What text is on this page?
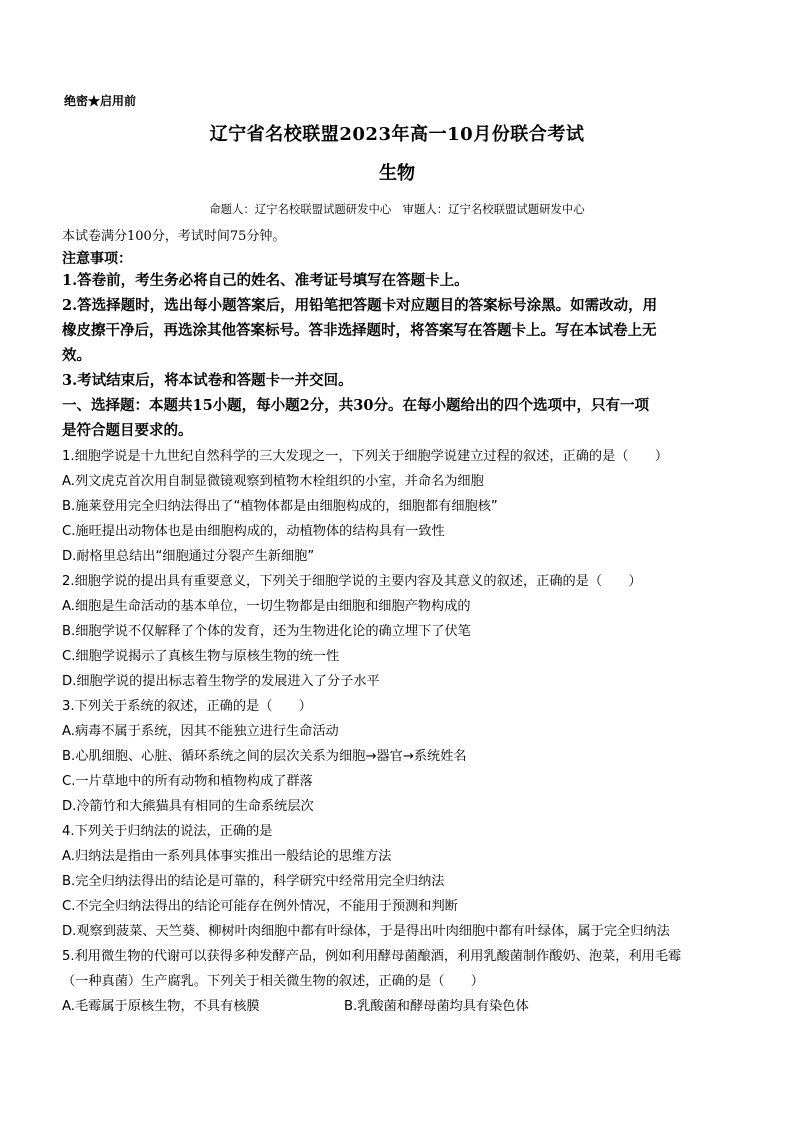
绝密★启用前
辽宁省名校联盟2023年高一10月份联合考试
生物
命题人：辽宁名校联盟试题研发中心　审题人：辽宁名校联盟试题研发中心
本试卷满分100分，考试时间75分钟。
注意事项：
1.答卷前，考生务必将自己的姓名、准考证号填写在答题卡上。
2.答选择题时，选出每小题答案后，用铅笔把答题卡对应题目的答案标号涂黑。如需改动，用
橡皮擦干净后，再选涂其他答案标号。答非选择题时，将答案写在答题卡上。写在本试卷上无
效。
3.考试结束后，将本试卷和答题卡一并交回。
一、选择题：本题共15小题，每小题2分，共30分。在每小题给出的四个选项中，只有一项
是符合题目要求的。
1.细胞学说是十九世纪自然科学的三大发现之一，下列关于细胞学说建立过程的叙述，正确的是（　　）
A.列文虎克首次用自制显微镜观察到植物木栓组织的小室，并命名为细胞
B.施莱登用完全归纳法得出了“植物体都是由细胞构成的，细胞都有细胞核”
C.施旺提出动物体也是由细胞构成的，动植物体的结构具有一致性
D.耐格里总结出“细胞通过分裂产生新细胞”
2.细胞学说的提出具有重要意义，下列关于细胞学说的主要内容及其意义的叙述，正确的是（　　）
A.细胞是生命活动的基本单位，一切生物都是由细胞和细胞产物构成的
B.细胞学说不仅解释了个体的发育，还为生物进化论的确立埋下了伏笔
C.细胞学说揭示了真核生物与原核生物的统一性
D.细胞学说的提出标志着生物学的发展进入了分子水平
3.下列关于系统的叙述，正确的是（　　）
A.病毒不属于系统，因其不能独立进行生命活动
B.心肌细胞、心脏、循环系统之间的层次关系为细胞→器官→系统姓名
C.一片草地中的所有动物和植物构成了群落
D.冷箭竹和大熊猫具有相同的生命系统层次
4.下列关于归纳法的说法，正确的是
A.归纳法是指由一系列具体事实推出一般结论的思维方法
B.完全归纳法得出的结论是可靠的，科学研究中经常用完全归纳法
C.不完全归纳法得出的结论可能存在例外情况，不能用于预测和判断
D.观察到菠菜、天竺葵、柳树叶肉细胞中都有叶绿体，于是得出叶肉细胞中都有叶绿体，属于完全归纳法
5.利用微生物的代谢可以获得多种发酵产品，例如利用酵母菌酿酒，利用乳酸菌制作酸奶、泡菜，利用毛霉
（一种真菌）生产腐乳。下列关于相关微生物的叙述，正确的是（　　）
A.毛霉属于原核生物，不具有核膜	B.乳酸菌和酵母菌均具有染色体
